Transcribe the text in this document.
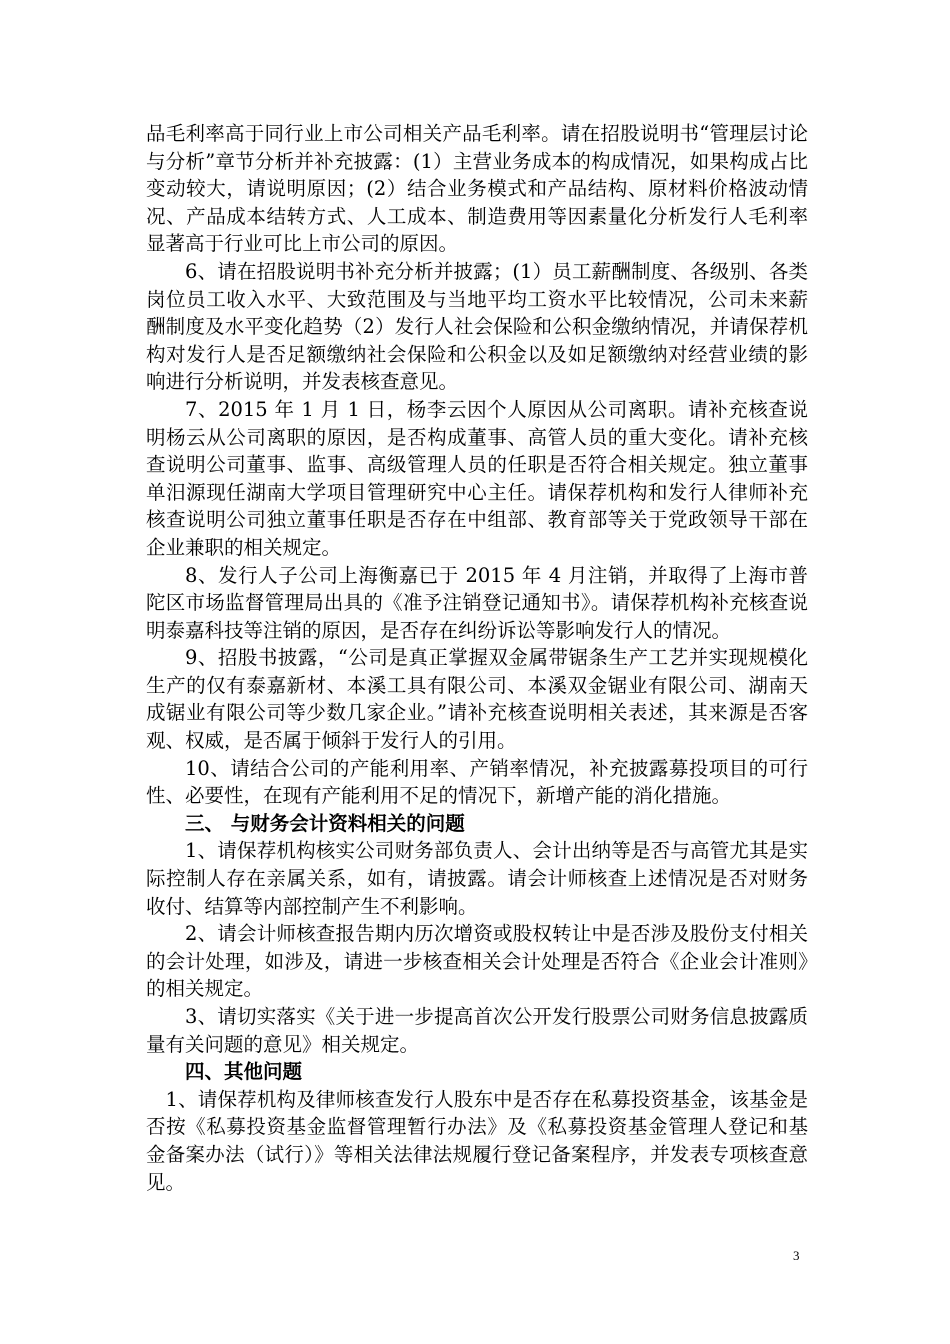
品毛利率高于同行业上市公司相关产品毛利率。请在招股说明书“管理层讨论与分析”章节分析并补充披露：(1）主营业务成本的构成情况，如果构成占比变动较大，请说明原因；(2）结合业务模式和产品结构、原材料价格波动情况、产品成本结转方式、人工成本、制造费用等因素量化分析发行人毛利率显著高于行业可比上市公司的原因。

6、请在招股说明书补充分析并披露；(1）员工薪酬制度、各级别、各类岗位员工收入水平、大致范围及与当地平均工资水平比较情况，公司未来薪酬制度及水平变化趋势（2）发行人社会保险和公积金缴纳情况，并请保荐机构对发行人是否足额缴纳社会保险和公积金以及如足额缴纳对经营业绩的影响进行分析说明，并发表核查意见。

7、2015 年 1 月 1 日，杨李云因个人原因从公司离职。请补充核查说明杨云从公司离职的原因，是否构成董事、高管人员的重大变化。请补充核查说明公司董事、监事、高级管理人员的任职是否符合相关规定。独立董事单汨源现任湖南大学项目管理研究中心主任。请保荐机构和发行人律师补充核查说明公司独立董事任职是否存在中组部、教育部等关于党政领导干部在企业兼职的相关规定。

8、发行人子公司上海衡嘉已于 2015 年 4 月注销，并取得了上海市普陀区市场监督管理局出具的《准予注销登记通知书》。请保荐机构补充核查说明泰嘉科技等注销的原因，是否存在纠纷诉讼等影响发行人的情况。

9、招股书披露，“公司是真正掌握双金属带锯条生产工艺并实现规模化生产的仅有泰嘉新材、本溪工具有限公司、本溪双金锯业有限公司、湖南天成锯业有限公司等少数几家企业。”请补充核查说明相关表述，其来源是否客观、权威，是否属于倾斜于发行人的引用。

10、请结合公司的产能利用率、产销率情况，补充披露募投项目的可行性、必要性，在现有产能利用不足的情况下，新增产能的消化措施。

三、 与财务会计资料相关的问题

1、请保荐机构核实公司财务部负责人、会计出纳等是否与高管尤其是实际控制人存在亲属关系，如有，请披露。请会计师核查上述情况是否对财务收付、结算等内部控制产生不利影响。

2、请会计师核查报告期内历次增资或股权转让中是否涉及股份支付相关的会计处理，如涉及，请进一步核查相关会计处理是否符合《企业会计准则》的相关规定。

3、请切实落实《关于进一步提高首次公开发行股票公司财务信息披露质量有关问题的意见》相关规定。

四、其他问题

1、请保荐机构及律师核查发行人股东中是否存在私募投资基金，该基金是否按《私募投资基金监督管理暂行办法》及《私募投资基金管理人登记和基金备案办法（试行）》等相关法律法规履行登记备案程序，并发表专项核查意见。

3
